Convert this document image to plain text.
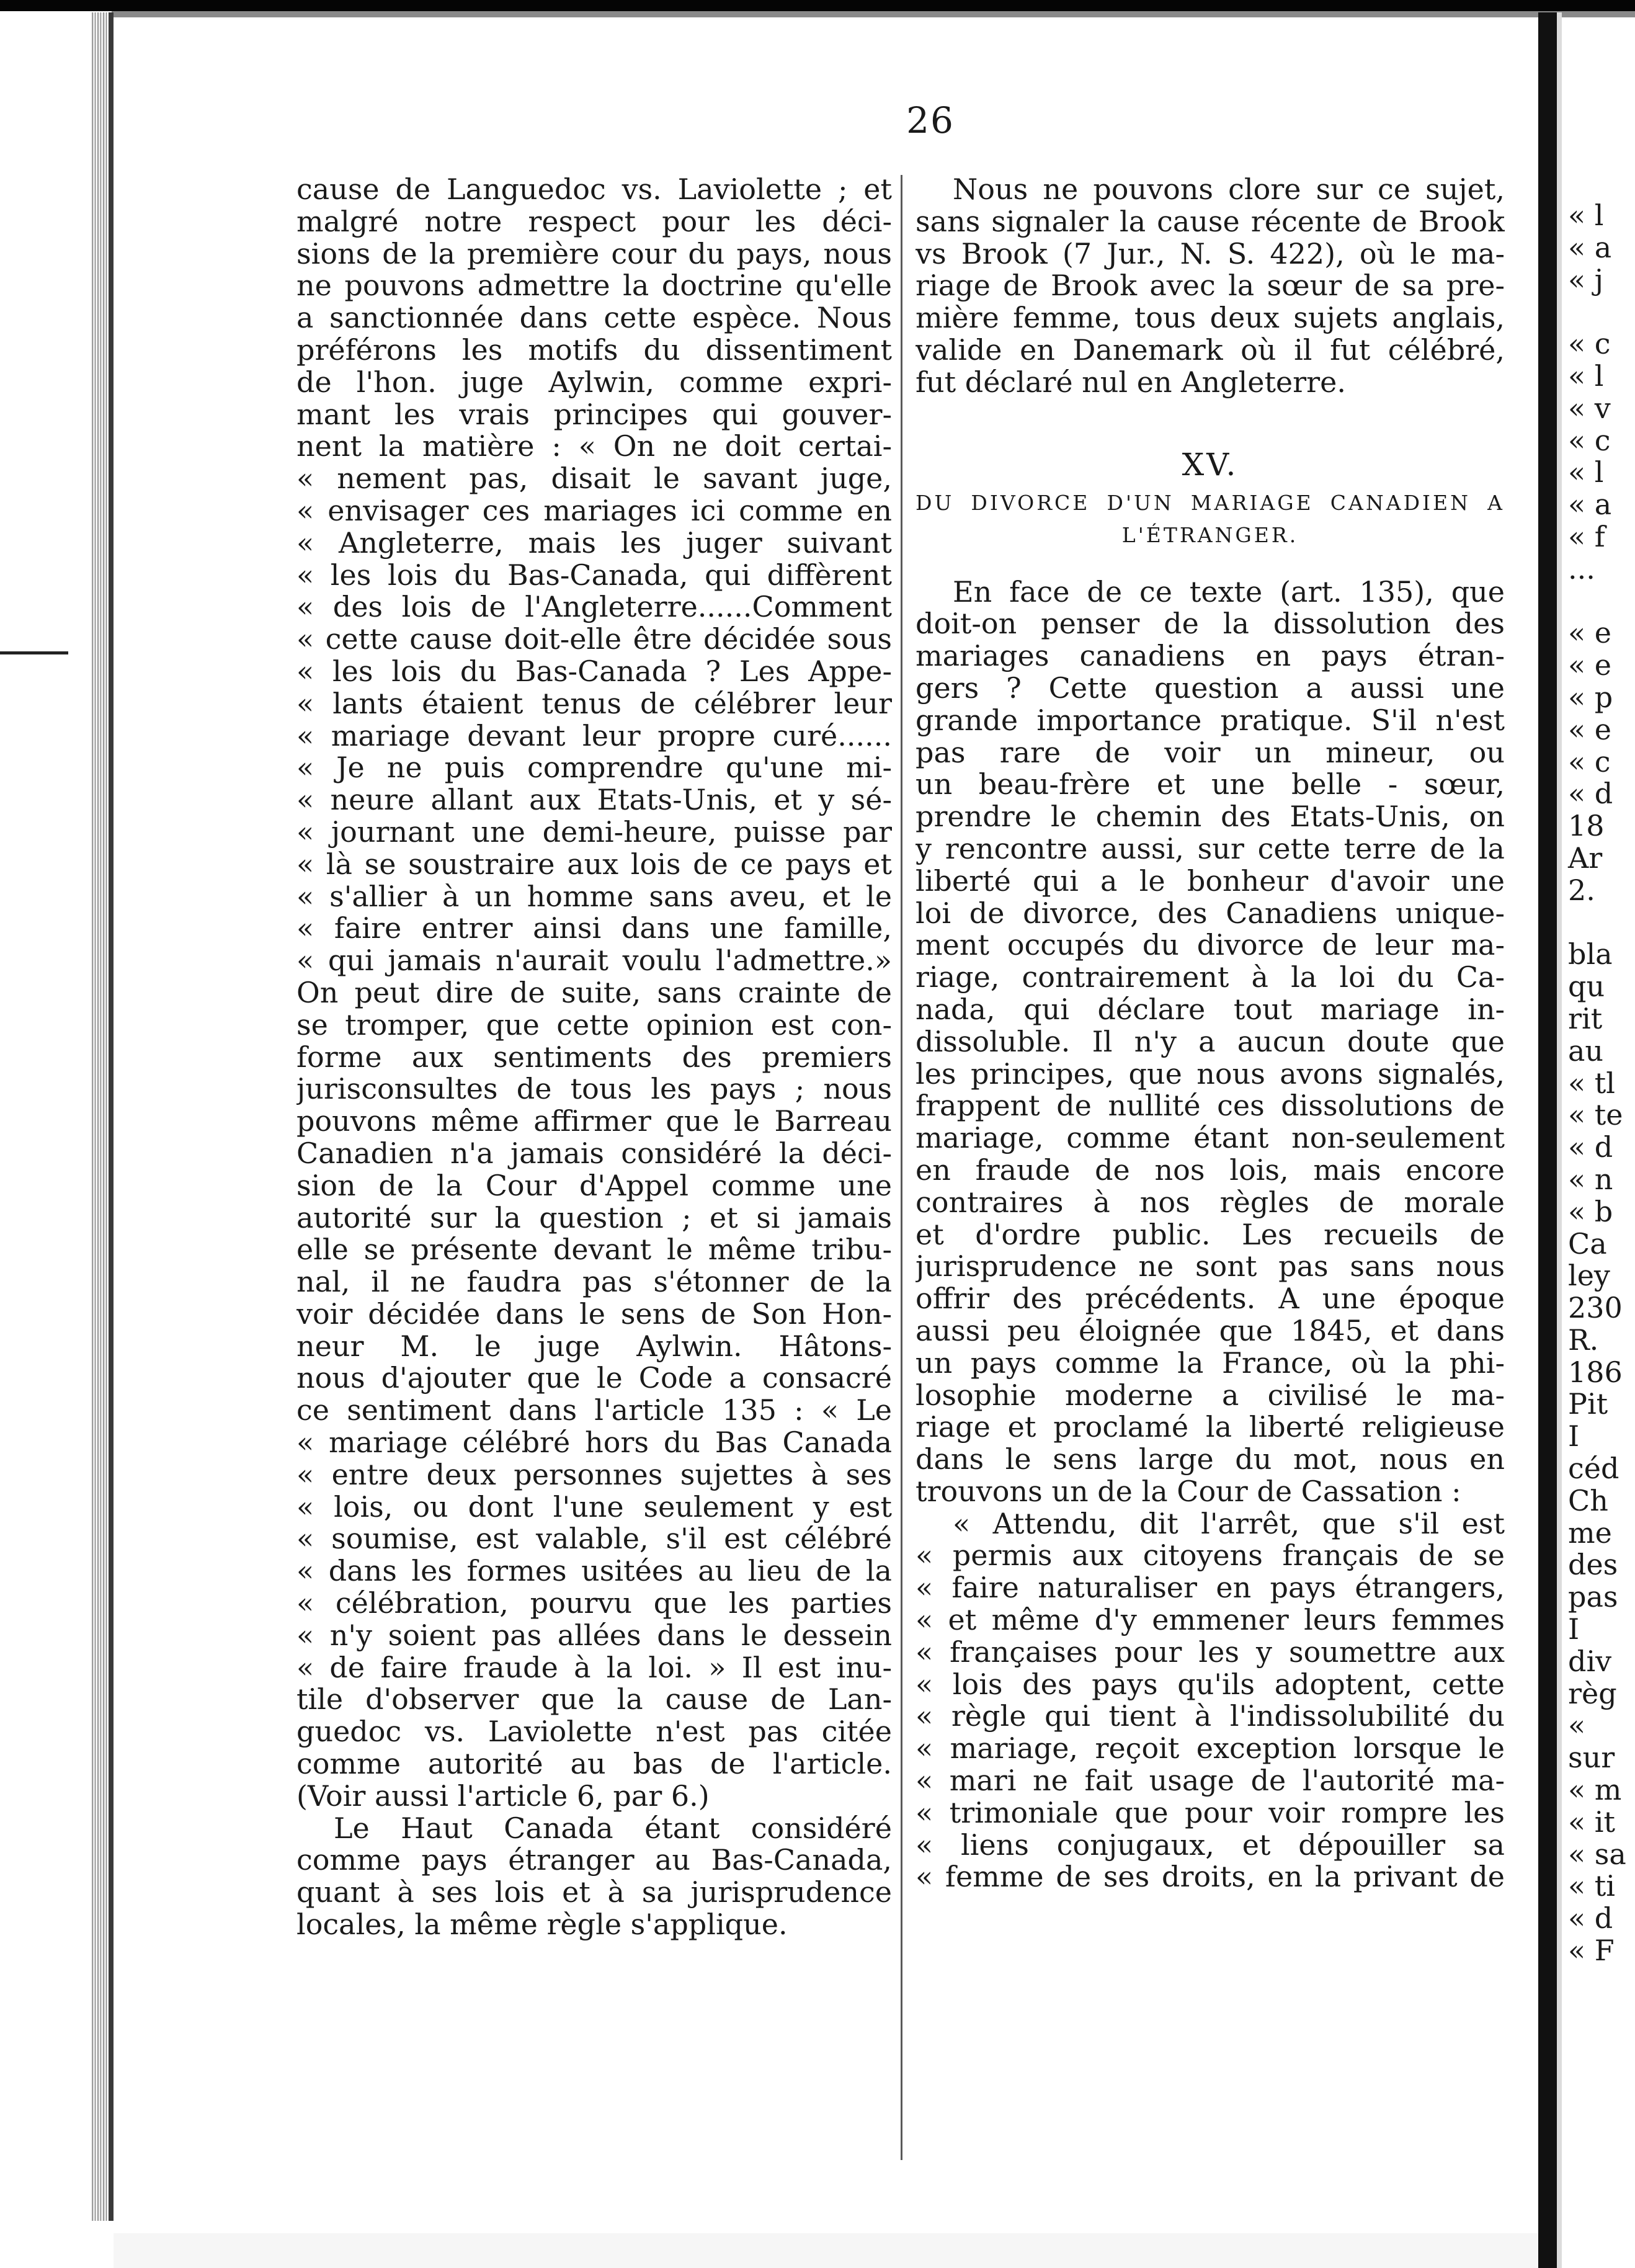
26
cause de Languedoc vs. Laviolette ; et
malgré notre respect pour les déci-
sions de la première cour du pays, nous
ne pouvons admettre la doctrine qu'elle
a sanctionnée dans cette espèce. Nous
préférons les motifs du dissentiment
de l'hon. juge Aylwin, comme expri-
mant les vrais principes qui gouver-
nent la matière : « On ne doit certai-
« nement pas, disait le savant juge,
« envisager ces mariages ici comme en
« Angleterre, mais les juger suivant
« les lois du Bas-Canada, qui diffèrent
« des lois de l'Angleterre......Comment
« cette cause doit-elle être décidée sous
« les lois du Bas-Canada ? Les Appe-
« lants étaient tenus de célébrer leur
« mariage devant leur propre curé......
« Je ne puis comprendre qu'une mi-
« neure allant aux Etats-Unis, et y sé-
« journant une demi-heure, puisse par
« là se soustraire aux lois de ce pays et
« s'allier à un homme sans aveu, et le
« faire entrer ainsi dans une famille,
« qui jamais n'aurait voulu l'admettre.»
On peut dire de suite, sans crainte de
se tromper, que cette opinion est con-
forme aux sentiments des premiers
jurisconsultes de tous les pays ; nous
pouvons même affirmer que le Barreau
Canadien n'a jamais considéré la déci-
sion de la Cour d'Appel comme une
autorité sur la question ; et si jamais
elle se présente devant le même tribu-
nal, il ne faudra pas s'étonner de la
voir décidée dans le sens de Son Hon-
neur M. le juge Aylwin. Hâtons-
nous d'ajouter que le Code a consacré
ce sentiment dans l'article 135 : « Le
« mariage célébré hors du Bas Canada
« entre deux personnes sujettes à ses
« lois, ou dont l'une seulement y est
« soumise, est valable, s'il est célébré
« dans les formes usitées au lieu de la
« célébration, pourvu que les parties
« n'y soient pas allées dans le dessein
« de faire fraude à la loi. » Il est inu-
tile d'observer que la cause de Lan-
guedoc vs. Laviolette n'est pas citée
comme autorité au bas de l'article.
(Voir aussi l'article 6, par 6.)
Le Haut Canada étant considéré
comme pays étranger au Bas-Canada,
quant à ses lois et à sa jurisprudence
locales, la même règle s'applique.
Nous ne pouvons clore sur ce sujet,
sans signaler la cause récente de Brook
vs Brook (7 Jur., N. S. 422), où le ma-
riage de Brook avec la sœur de sa pre-
mière femme, tous deux sujets anglais,
valide en Danemark où il fut célébré,
fut déclaré nul en Angleterre.
XV.
DU DIVORCE D'UN MARIAGE CANADIEN A
L'ÉTRANGER.
En face de ce texte (art. 135), que
doit-on penser de la dissolution des
mariages canadiens en pays étran-
gers ? Cette question a aussi une
grande importance pratique. S'il n'est
pas rare de voir un mineur, ou
un beau-frère et une belle - sœur,
prendre le chemin des Etats-Unis, on
y rencontre aussi, sur cette terre de la
liberté qui a le bonheur d'avoir une
loi de divorce, des Canadiens unique-
ment occupés du divorce de leur ma-
riage, contrairement à la loi du Ca-
nada, qui déclare tout mariage in-
dissoluble. Il n'y a aucun doute que
les principes, que nous avons signalés,
frappent de nullité ces dissolutions de
mariage, comme étant non-seulement
en fraude de nos lois, mais encore
contraires à nos règles de morale
et d'ordre public. Les recueils de
jurisprudence ne sont pas sans nous
offrir des précédents. A une époque
aussi peu éloignée que 1845, et dans
un pays comme la France, où la phi-
losophie moderne a civilisé le ma-
riage et proclamé la liberté religieuse
dans le sens large du mot, nous en
trouvons un de la Cour de Cassation :
« Attendu, dit l'arrêt, que s'il est
« permis aux citoyens français de se
« faire naturaliser en pays étrangers,
« et même d'y emmener leurs femmes
« françaises pour les y soumettre aux
« lois des pays qu'ils adoptent, cette
« règle qui tient à l'indissolubilité du
« mariage, reçoit exception lorsque le
« mari ne fait usage de l'autorité ma-
« trimoniale que pour voir rompre les
« liens conjugaux, et dépouiller sa
« femme de ses droits, en la privant de
« l
« a
« j
« c
« l
« v
« c
« l
« a
« f
...
« e
« e
« p
« e
« c
« d
18
Ar
2.
bla
qu
rit
au
« tl
« te
« d
« n
« b
Ca
ley
230
R.
186
Pit
I
céd
Ch
me
des
pas
I
div
règ
«
sur
« m
« it
« sa
« ti
« d
« F
